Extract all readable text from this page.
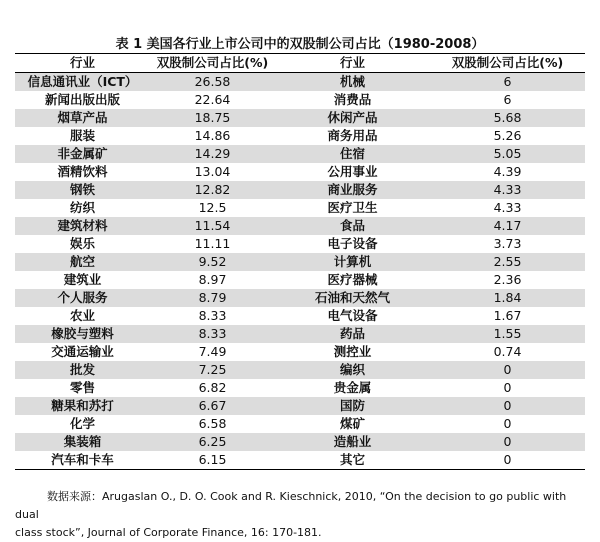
表 1 美国各行业上市公司中的双股制公司占比（1980-2008）
行业	双股制公司占比(%)	行业	双股制公司占比(%)
信息通讯业（ICT）	26.58	机械	6
新闻出版出版	22.64	消费品	6
烟草产品	18.75	休闲产品	5.68
服装	14.86	商务用品	5.26
非金属矿	14.29	住宿	5.05
酒精饮料	13.04	公用事业	4.39
钢铁	12.82	商业服务	4.33
纺织	12.5	医疗卫生	4.33
建筑材料	11.54	食品	4.17
娱乐	11.11	电子设备	3.73
航空	9.52	计算机	2.55
建筑业	8.97	医疗器械	2.36
个人服务	8.79	石油和天然气	1.84
农业	8.33	电气设备	1.67
橡胶与塑料	8.33	药品	1.55
交通运输业	7.49	测控业	0.74
批发	7.25	编织	0
零售	6.82	贵金属	0
糖果和苏打	6.67	国防	0
化学	6.58	煤矿	0
集装箱	6.25	造船业	0
汽车和卡车	6.15	其它	0
数据来源：Arugaslan O., D. O. Cook and R. Kieschnick, 2010, “On the decision to go public with dual
class stock”, Journal of Corporate Finance, 16: 170-181.
